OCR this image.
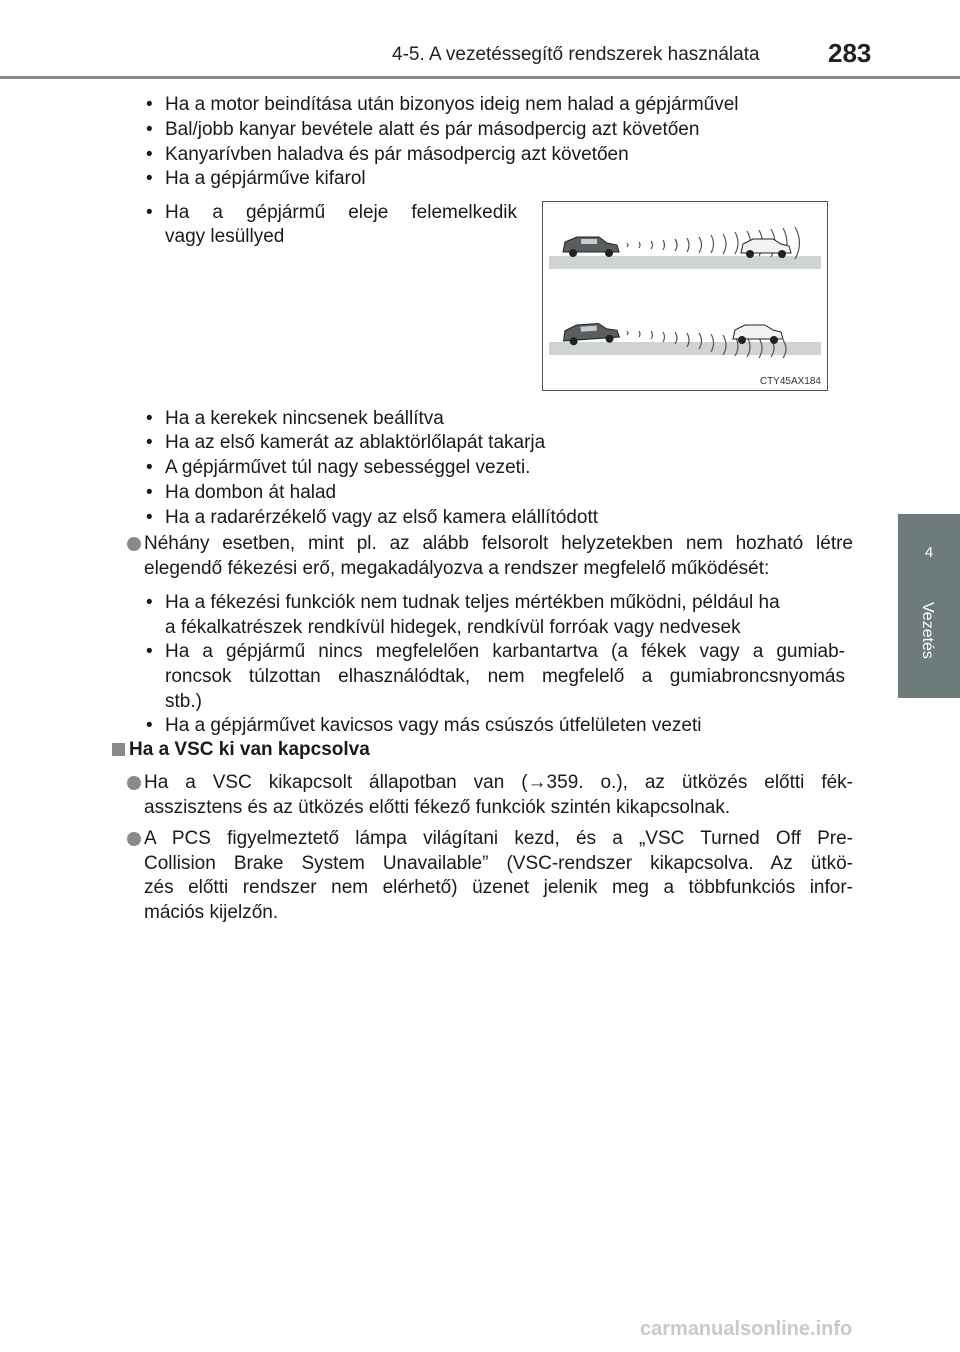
4-5. A vezetéssegítő rendszerek használata	283
4
Vezetés
• Ha a motor beindítása után bizonyos ideig nem halad a gépjárművel
• Bal/jobb kanyar bevétele alatt és pár másodpercig azt követően
• Kanyarívben haladva és pár másodpercig azt követően
• Ha a gépjárműve kifarol
• Ha a gépjármű eleje felemelkedik
vagy lesüllyed
CTY45AX184
• Ha a kerekek nincsenek beállítva
• Ha az első kamerát az ablaktörlőlapát takarja
• A gépjárművet túl nagy sebességgel vezeti.
• Ha dombon át halad
• Ha a radarérzékelő vagy az első kamera elállítódott
Néhány esetben, mint pl. az alább felsorolt helyzetekben nem hozható létre
elegendő fékezési erő, megakadályozva a rendszer megfelelő működését:
• Ha a fékezési funkciók nem tudnak teljes mértékben működni, például ha
a fékalkatrészek rendkívül hidegek, rendkívül forróak vagy nedvesek
• Ha a gépjármű nincs megfelelően karbantartva (a fékek vagy a gumiab-
roncsok túlzottan elhasználódtak, nem megfelelő a gumiabroncsnyomás
stb.)
• Ha a gépjárművet kavicsos vagy más csúszós útfelületen vezeti
Ha a VSC ki van kapcsolva
Ha a VSC kikapcsolt állapotban van (→359. o.), az ütközés előtti fék-
asszisztens és az ütközés előtti fékező funkciók szintén kikapcsolnak.
A PCS figyelmeztető lámpa világítani kezd, és a „VSC Turned Off Pre-
Collision Brake System Unavailable” (VSC-rendszer kikapcsolva. Az ütkö-
zés előtti rendszer nem elérhető) üzenet jelenik meg a többfunkciós infor-
mációs kijelzőn.
carmanualsonline.info
